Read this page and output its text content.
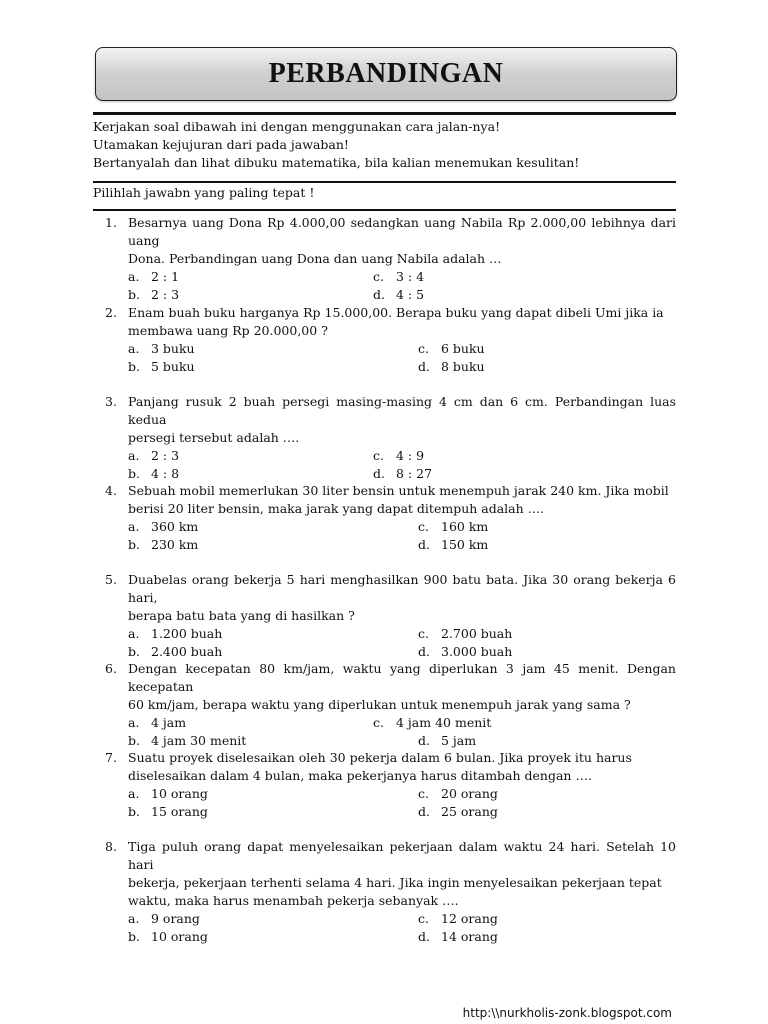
PERBANDINGAN
Kerjakan soal dibawah ini dengan menggunakan cara jalan-nya!
Utamakan kejujuran dari pada jawaban!
Bertanyalah dan lihat dibuku matematika, bila kalian menemukan kesulitan!
Pilihlah jawabn yang paling tepat !
1. Besarnya uang Dona Rp 4.000,00 sedangkan uang Nabila Rp 2.000,00 lebihnya dari uang
Dona. Perbandingan uang Dona dan uang Nabila adalah …
a. 2 : 1
b. 2 : 3
c. 3 : 4
d. 4 : 5
2. Enam buah buku harganya Rp 15.000,00. Berapa buku yang dapat dibeli Umi jika ia
membawa uang Rp 20.000,00 ?
a. 3 buku
b. 5 buku
c. 6 buku
d. 8 buku
3. Panjang rusuk 2 buah persegi masing-masing 4 cm dan 6 cm. Perbandingan luas kedua
persegi tersebut adalah ….
a. 2 : 3
b. 4 : 8
c. 4 : 9
d. 8 : 27
4. Sebuah mobil memerlukan 30 liter bensin untuk menempuh jarak 240 km. Jika mobil
berisi 20 liter bensin, maka jarak yang dapat ditempuh adalah ….
a. 360 km
b. 230 km
c. 160 km
d. 150 km
5. Duabelas orang bekerja 5 hari menghasilkan 900 batu bata. Jika 30 orang bekerja 6 hari,
berapa batu bata yang di hasilkan ?
a. 1.200 buah
b. 2.400 buah
c. 2.700 buah
d. 3.000 buah
6. Dengan kecepatan 80 km/jam, waktu yang diperlukan 3 jam 45 menit. Dengan kecepatan
60 km/jam, berapa waktu yang diperlukan untuk menempuh jarak yang sama ?
a. 4 jam
b. 4 jam 30 menit
c. 4 jam 40 menit
d. 5 jam
7. Suatu proyek diselesaikan oleh 30 pekerja dalam 6 bulan. Jika proyek itu harus
diselesaikan dalam 4 bulan, maka pekerjanya harus ditambah dengan ….
a. 10 orang
b. 15 orang
c. 20 orang
d. 25 orang
8. Tiga puluh orang dapat menyelesaikan pekerjaan dalam waktu 24 hari. Setelah 10 hari
bekerja, pekerjaan terhenti selama 4 hari. Jika ingin menyelesaikan pekerjaan tepat
waktu, maka harus menambah pekerja sebanyak ….
a. 9 orang
b. 10 orang
c. 12 orang
d. 14 orang
http:\\nurkholis-zonk.blogspot.com
